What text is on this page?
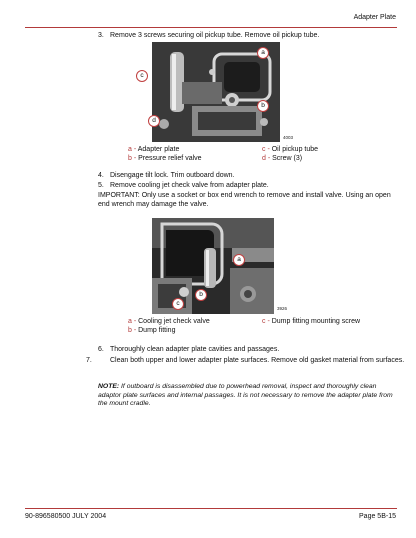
Adapter Plate
3. Remove 3 screws securing oil pickup tube. Remove oil pickup tube.
a
b
c
d
4003
a - Adapter plate
b - Pressure relief valve
c - Oil pickup tube
d - Screw (3)
4. Disengage tilt lock. Trim outboard down.
5. Remove cooling jet check valve from adapter plate.
IMPORTANT: Only use a socket or box end wrench to remove and install valve. Using an open end wrench may damage the valve.
a
b
c
3926
a - Cooling jet check valve
b - Dump fitting
c - Dump fitting mounting screw
6. Thoroughly clean adapter plate cavities and passages.
7.	Clean both upper and lower adapter plate surfaces. Remove old gasket material from surfaces.
NOTE: If outboard is disassembled due to powerhead removal, inspect and thoroughly clean adaptor plate surfaces and internal passages. It is not necessary to remove the adapter plate from the mount cradle.
90-896580500 JULY 2004	Page 5B-15
